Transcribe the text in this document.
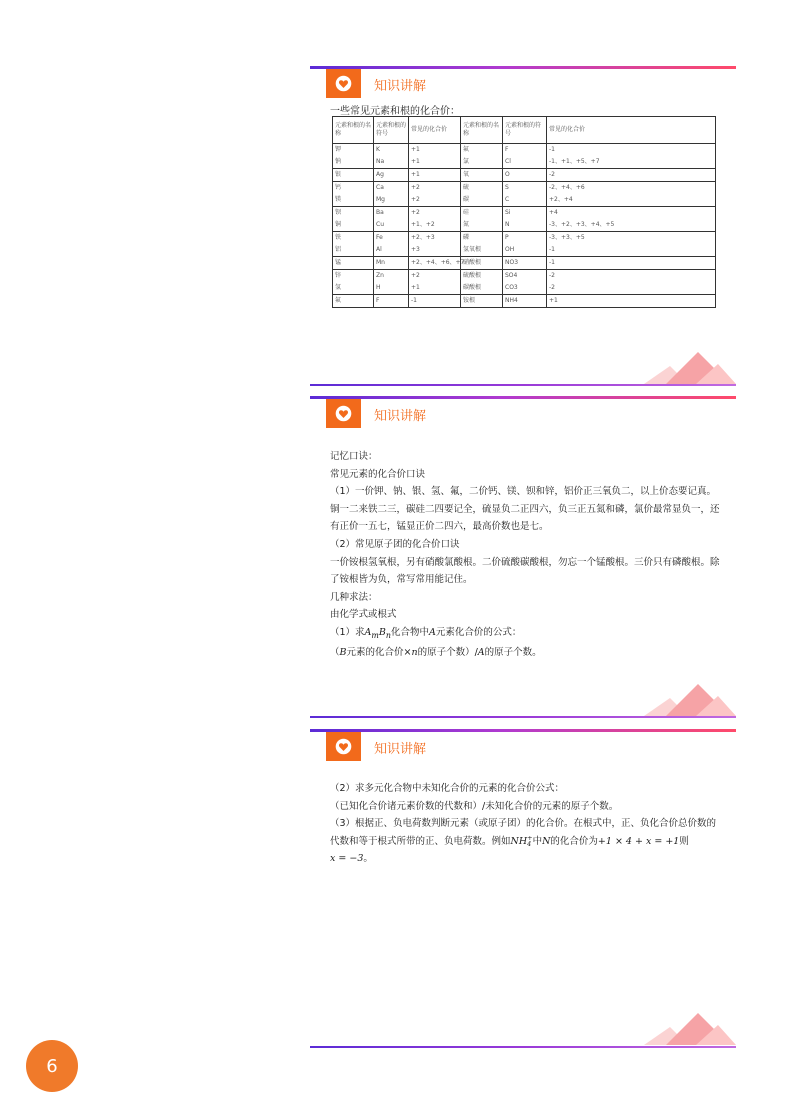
知识讲解
一些常见元素和根的化合价：
元素和根的名称	元素和根的符号	常见的化合价	元素和根的名称	元素和根的符号	常见的化合价
钾	K	+1	氟	F	-1
钠	Na	+1	氯	Cl	-1、+1、+5、+7
银	Ag	+1	氧	O	-2
钙	Ca	+2	硫	S	-2、+4、+6
镁	Mg	+2	碳	C	+2、+4
钡	Ba	+2	硅	Si	+4
铜	Cu	+1、+2	氮	N	-3、+2、+3、+4、+5
铁	Fe	+2、+3	磷	P	-3、+3、+5
铝	Al	+3	氢氧根	OH	-1
锰	Mn	+2、+4、+6、+7	硝酸根	NO3	-1
锌	Zn	+2	硫酸根	SO4	-2
氢	H	+1	碳酸根	CO3	-2
氟	F	-1	铵根	NH4	+1
知识讲解

记忆口诀：

常见元素的化合价口诀

（1）一价钾、钠、银、氢、氟，二价钙、镁、钡和锌，铝价正三氧负二，以上价态要记真。铜一二来铁二三，碳硅二四要记全，硫显负二正四六，负三正五氮和磷，氯价最常显负一，还有正价一五七，锰显正价二四六，最高价数也是七。

（2）常见原子团的化合价口诀

一价铵根氢氧根，另有硝酸氯酸根。二价硫酸碳酸根，勿忘一个锰酸根。三价只有磷酸根。除了铵根皆为负，常写常用能记住。

几种求法：

由化学式或根式

（1）求$A_mB_n$化合物中A元素化合价的公式：

（B元素的化合价×n的原子个数）/A的原子个数。

知识讲解

（2）求多元化合物中未知化合价的元素的化合价公式：

（已知化合价诸元素价数的代数和）/未知化合价的元素的原子个数。

（3）根据正、负电荷数判断元素（或原子团）的化合价。在根式中，正、负化合价总价数的代数和等于根式所带的正、负电荷数。例如NH +
4 中N的化合价为+1 × 4 + x = +1则
x = −3。

6
